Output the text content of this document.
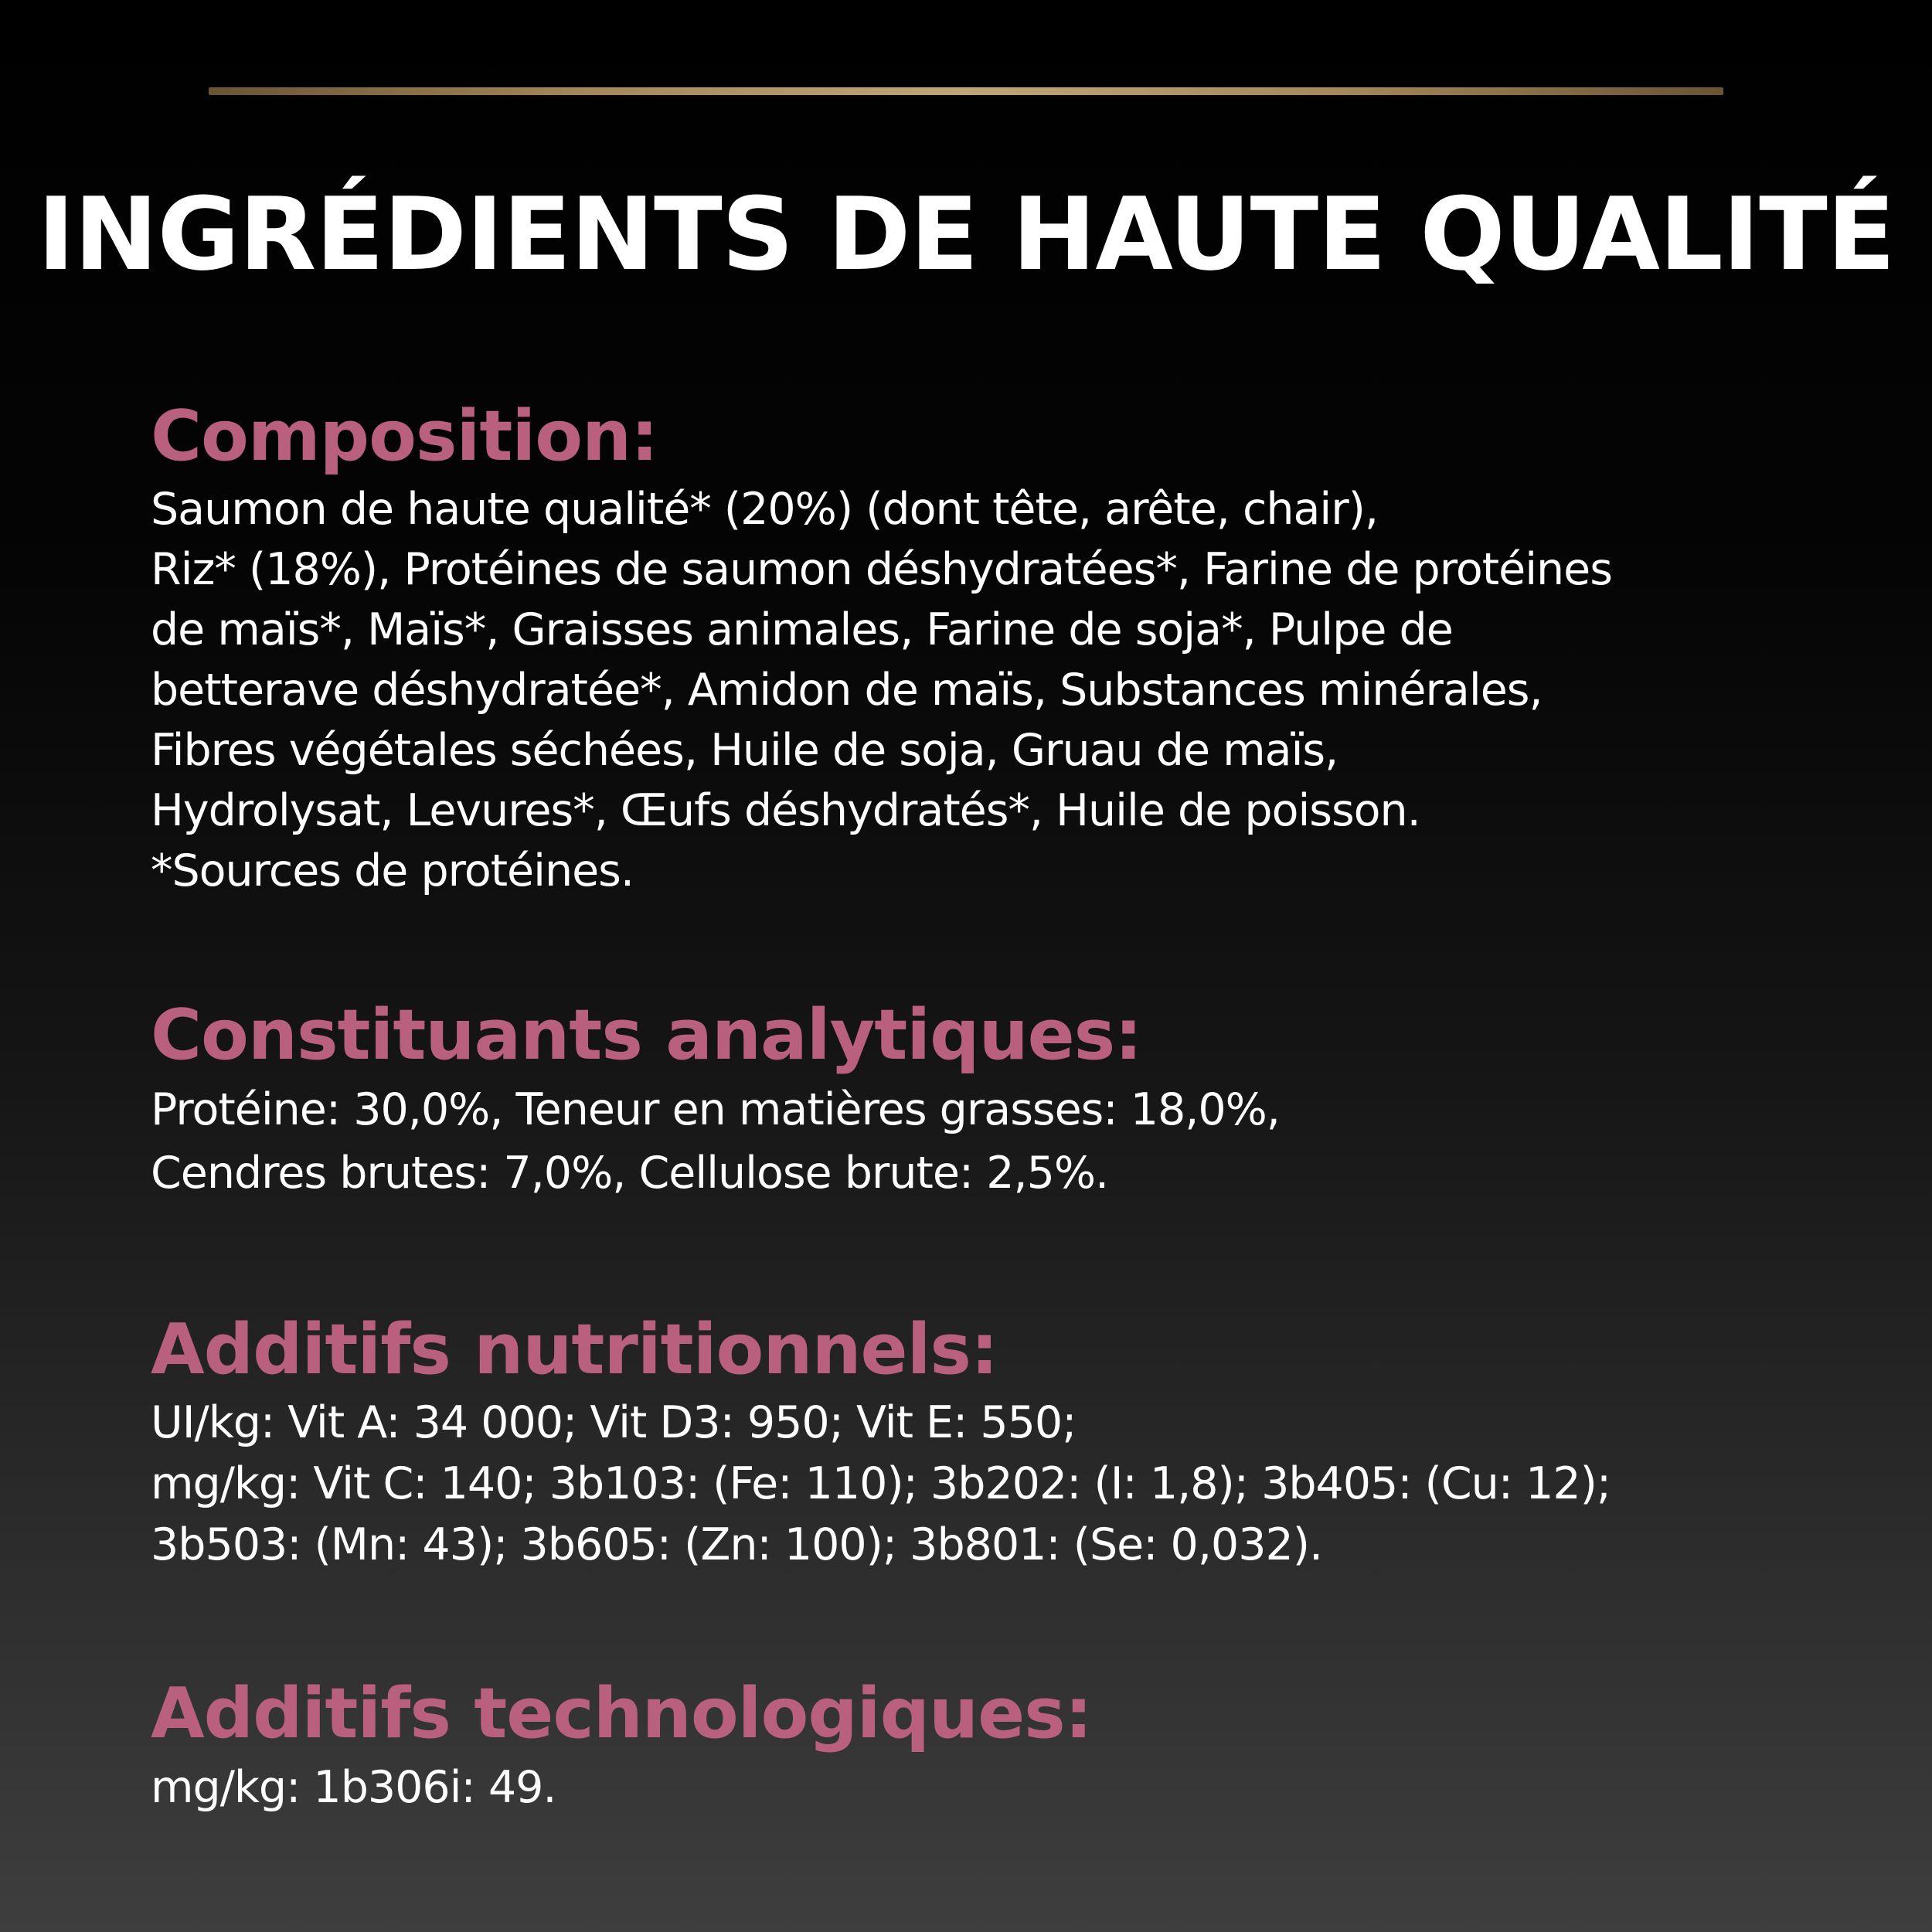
INGRÉDIENTS DE HAUTE QUALITÉ
Composition:

Saumon de haute qualité* (20%) (dont tête, arête, chair),
Riz* (18%), Protéines de saumon déshydratées*, Farine de protéines
de maïs*, Maïs*, Graisses animales, Farine de soja*, Pulpe de
betterave déshydratée*, Amidon de maïs, Substances minérales,
Fibres végétales séchées, Huile de soja, Gruau de maïs,
Hydrolysat, Levures*, Œufs déshydratés*, Huile de poisson.
*Sources de protéines.

Constituants analytiques:

Protéine: 30,0%, Teneur en matières grasses: 18,0%,
Cendres brutes: 7,0%, Cellulose brute: 2,5%.

Additifs nutritionnels:

UI/kg: Vit A: 34 000; Vit D3: 950; Vit E: 550;
mg/kg: Vit C: 140; 3b103: (Fe: 110); 3b202: (I: 1,8); 3b405: (Cu: 12);
3b503: (Mn: 43); 3b605: (Zn: 100); 3b801: (Se: 0,032).

Additifs technologiques:

mg/kg: 1b306i: 49.
